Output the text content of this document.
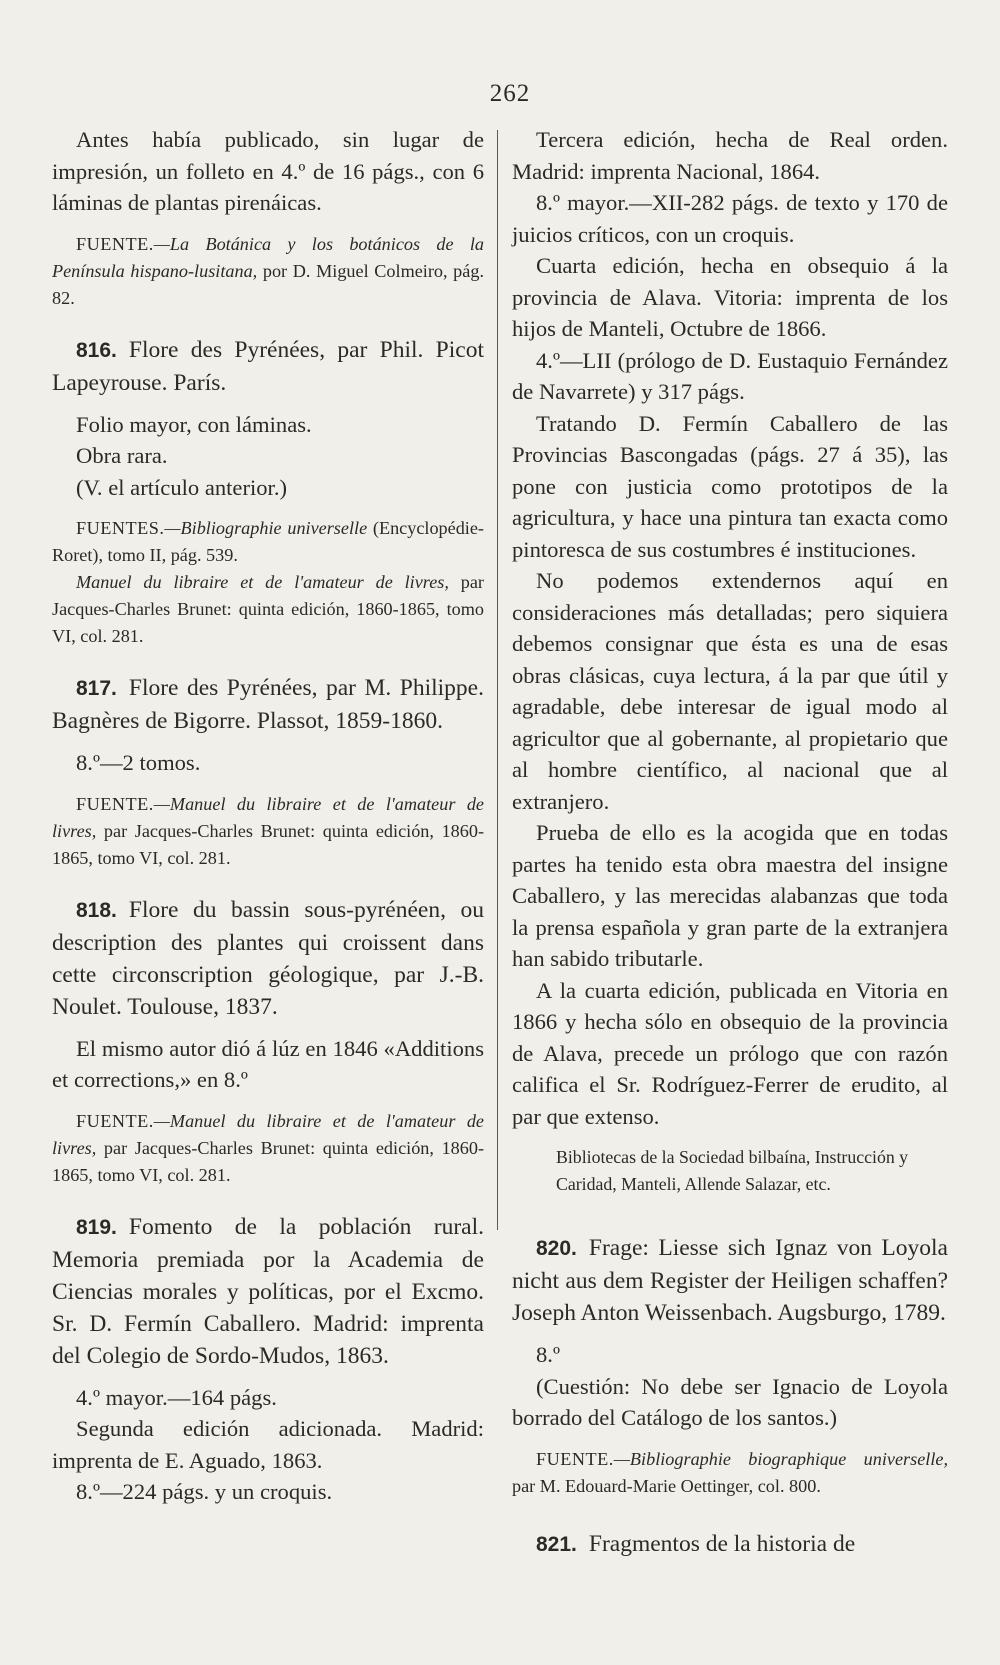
262

Antes había publicado, sin lugar de impresión, un folleto en 4.º de 16 págs., con 6 láminas de plantas pirenáicas.

FUENTE.—La Botánica y los botánicos de la Península hispano-lusitana, por D. Miguel Colmeiro, pág. 82.

816. Flore des Pyrénées, par Phil. Picot Lapeyrouse. París.

Folio mayor, con láminas.

Obra rara.

(V. el artículo anterior.)

FUENTES.—Bibliographie universelle (Encyclopédie-Roret), tomo II, pág. 539.

Manuel du libraire et de l'amateur de livres, par Jacques-Charles Brunet: quinta edición, 1860-1865, tomo VI, col. 281.

817. Flore des Pyrénées, par M. Philippe. Bagnères de Bigorre. Plassot, 1859-1860.

8.º—2 tomos.

FUENTE.—Manuel du libraire et de l'amateur de livres, par Jacques-Charles Brunet: quinta edición, 1860-1865, tomo VI, col. 281.

818. Flore du bassin sous-pyrénéen, ou description des plantes qui croissent dans cette circonscription géologique, par J.-B. Noulet. Toulouse, 1837.

El mismo autor dió á lúz en 1846 «Additions et corrections,» en 8.º

FUENTE.—Manuel du libraire et de l'amateur de livres, par Jacques-Charles Brunet: quinta edición, 1860-1865, tomo VI, col. 281.

819. Fomento de la población rural. Memoria premiada por la Academia de Ciencias morales y políticas, por el Excmo. Sr. D. Fermín Caballero. Madrid: imprenta del Colegio de Sordo-Mudos, 1863.

4.º mayor.—164 págs.

Segunda edición adicionada. Madrid: imprenta de E. Aguado, 1863.

8.º—224 págs. y un croquis.

Tercera edición, hecha de Real orden. Madrid: imprenta Nacional, 1864.

8.º mayor.—XII-282 págs. de texto y 170 de juicios críticos, con un croquis.

Cuarta edición, hecha en obsequio á la provincia de Alava. Vitoria: imprenta de los hijos de Manteli, Octubre de 1866.

4.º—LII (prólogo de D. Eustaquio Fernández de Navarrete) y 317 págs.

Tratando D. Fermín Caballero de las Provincias Bascongadas (págs. 27 á 35), las pone con justicia como prototipos de la agricultura, y hace una pintura tan exacta como pintoresca de sus costumbres é instituciones.

No podemos extendernos aquí en consideraciones más detalladas; pero siquiera debemos consignar que ésta es una de esas obras clásicas, cuya lectura, á la par que útil y agradable, debe interesar de igual modo al agricultor que al gobernante, al propietario que al hombre científico, al nacional que al extranjero.

Prueba de ello es la acogida que en todas partes ha tenido esta obra maestra del insigne Caballero, y las merecidas alabanzas que toda la prensa española y gran parte de la extranjera han sabido tributarle.

A la cuarta edición, publicada en Vitoria en 1866 y hecha sólo en obsequio de la provincia de Alava, precede un prólogo que con razón califica el Sr. Rodríguez-Ferrer de erudito, al par que extenso.

Bibliotecas de la Sociedad bilbaína, Instrucción y Caridad, Manteli, Allende Salazar, etc.

820. Frage: Liesse sich Ignaz von Loyola nicht aus dem Register der Heiligen schaffen? Joseph Anton Weissenbach. Augsburgo, 1789.

8.º

(Cuestión: No debe ser Ignacio de Loyola borrado del Catálogo de los santos.)

FUENTE.—Bibliographie biographique universelle, par M. Edouard-Marie Oettinger, col. 800.

821. Fragmentos de la historia de
